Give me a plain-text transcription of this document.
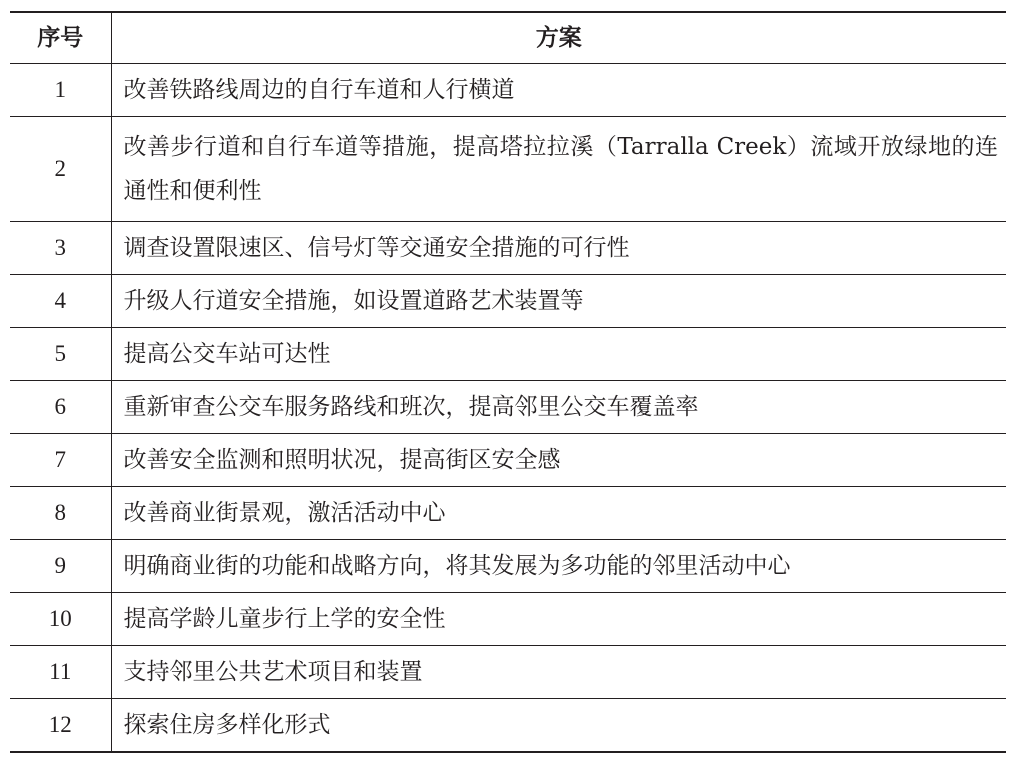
序号	方案
1	改善铁路线周边的自行车道和人行横道

2	改善步行道和自行车道等措施，提高塔拉拉溪（Tarralla Creek）流域开放绿地的连通性和便利性

3	调查设置限速区、信号灯等交通安全措施的可行性

4	升级人行道安全措施，如设置道路艺术装置等

5	提高公交车站可达性

6	重新审查公交车服务路线和班次，提高邻里公交车覆盖率

7	改善安全监测和照明状况，提高街区安全感

8	改善商业街景观，激活活动中心

9	明确商业街的功能和战略方向，将其发展为多功能的邻里活动中心

10	提高学龄儿童步行上学的安全性

11	支持邻里公共艺术项目和装置

12	探索住房多样化形式
